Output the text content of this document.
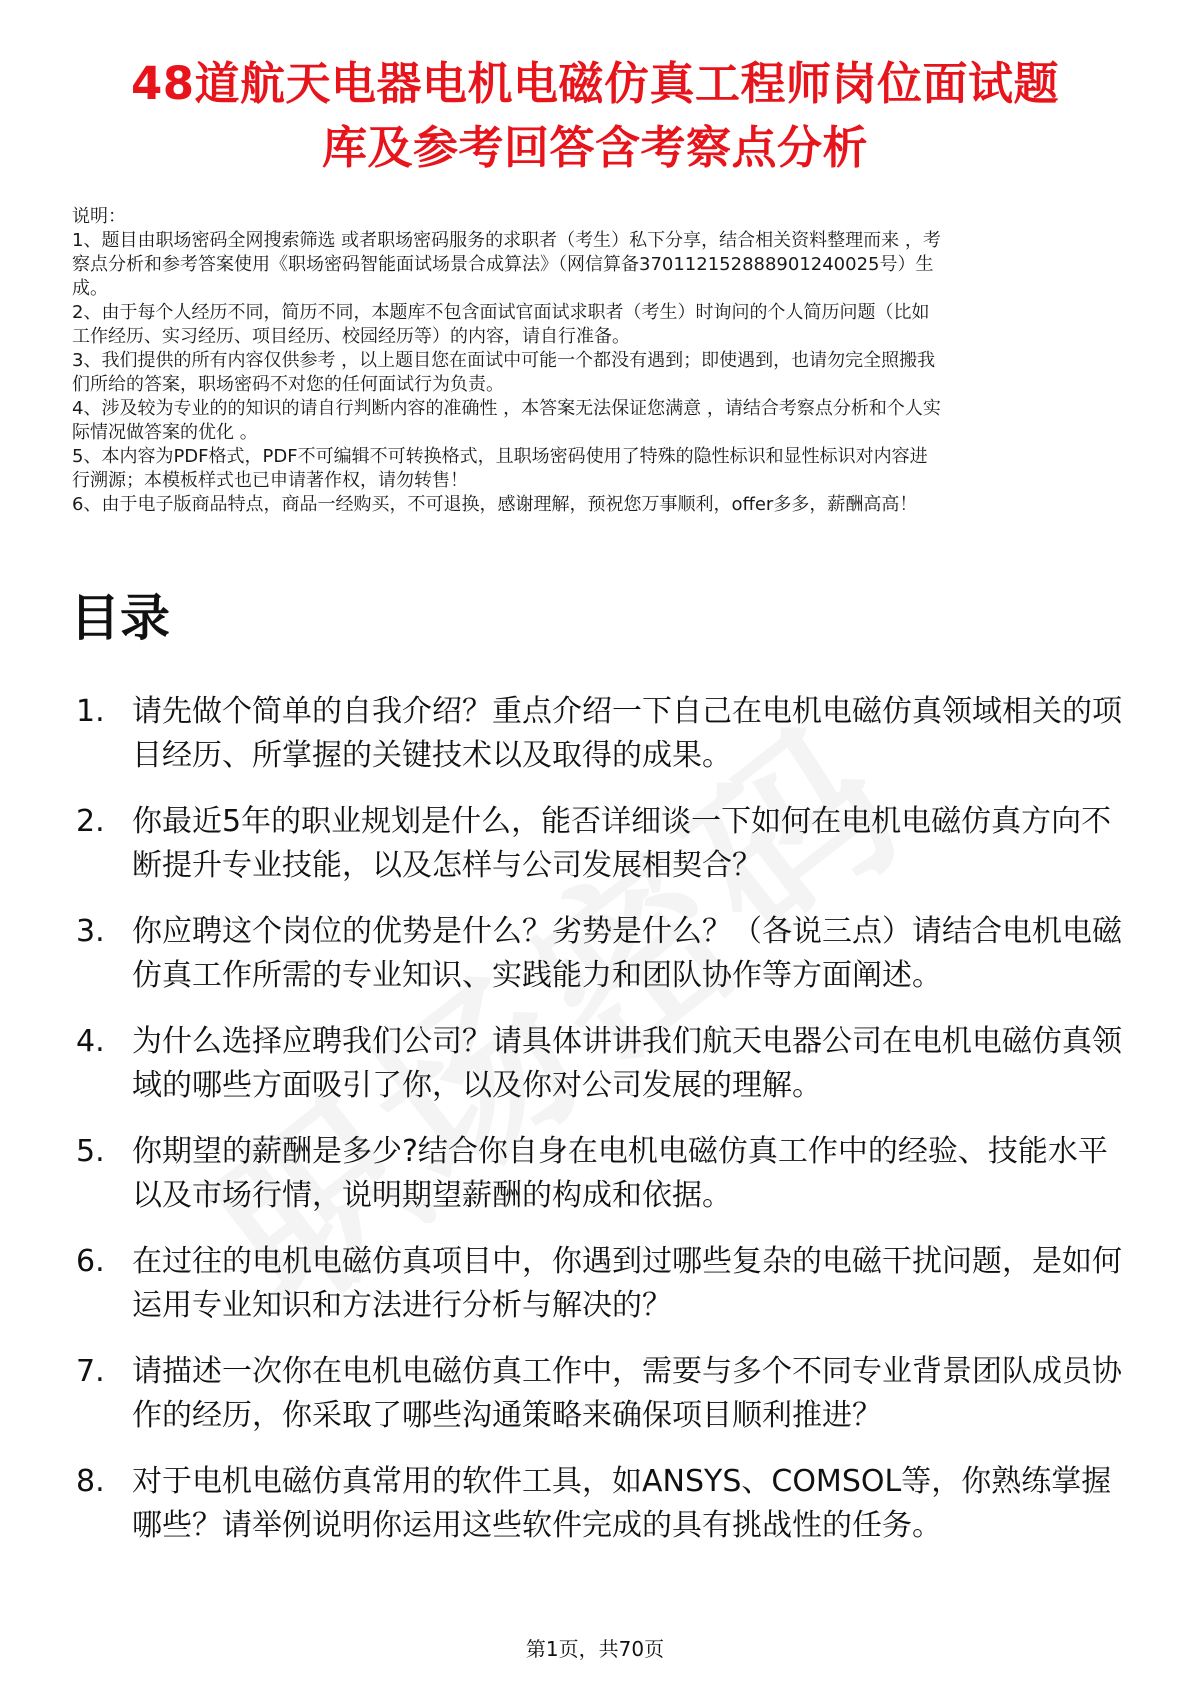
48道航天电器电机电磁仿真工程师岗位面试题
库及参考回答含考察点分析

说明：

1、题目由职场密码全网搜索筛选 或者职场密码服务的求职者（考生）私下分享，结合相关资料整理而来 ，考

察点分析和参考答案使用《职场密码智能面试场景合成算法》（网信算备370112152888901240025号）生

成。

2、由于每个人经历不同，简历不同，本题库不包含面试官面试求职者（考生）时询问的个人简历问题（比如

工作经历、实习经历、项目经历、校园经历等）的内容，请自行准备。

3、我们提供的所有内容仅供参考 ，以上题目您在面试中可能一个都没有遇到；即使遇到，也请勿完全照搬我

们所给的答案，职场密码不对您的任何面试行为负责。

4、涉及较为专业的的知识的请自行判断内容的准确性 ，本答案无法保证您满意 ，请结合考察点分析和个人实

际情况做答案的优化 。

5、本内容为PDF格式，PDF不可编辑不可转换格式，且职场密码使用了特殊的隐性标识和显性标识对内容进

行溯源；本模板样式也已申请著作权，请勿转售！

6、由于电子版商品特点，商品一经购买，不可退换，感谢理解，预祝您万事顺利，offer多多，薪酬高高！

目录
1. 请先做个简单的自我介绍？重点介绍一下自己在电机电磁仿真领域相关的项目经历、所掌握的关键技术以及取得的成果。
2. 你最近5年的职业规划是什么，能否详细谈一下如何在电机电磁仿真方向不断提升专业技能，以及怎样与公司发展相契合？
3. 你应聘这个岗位的优势是什么？劣势是什么？（各说三点）请结合电机电磁仿真工作所需的专业知识、实践能力和团队协作等方面阐述。
4. 为什么选择应聘我们公司？请具体讲讲我们航天电器公司在电机电磁仿真领域的哪些方面吸引了你，以及你对公司发展的理解。
5. 你期望的薪酬是多少?结合你自身在电机电磁仿真工作中的经验、技能水平以及市场行情，说明期望薪酬的构成和依据。
6. 在过往的电机电磁仿真项目中，你遇到过哪些复杂的电磁干扰问题，是如何运用专业知识和方法进行分析与解决的？
7. 请描述一次你在电机电磁仿真工作中，需要与多个不同专业背景团队成员协作的经历，你采取了哪些沟通策略来确保项目顺利推进？
8. 对于电机电磁仿真常用的软件工具，如ANSYS、COMSOL等，你熟练掌握哪些？请举例说明你运用这些软件完成的具有挑战性的任务。
第1页，共70页
